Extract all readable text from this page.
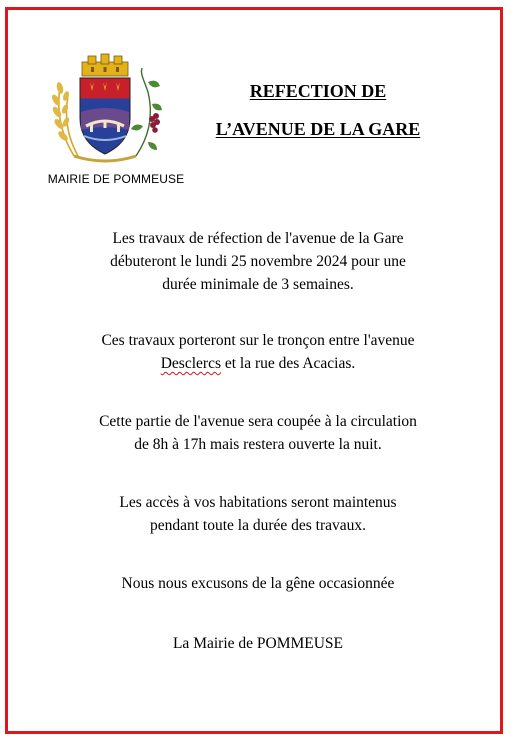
MAIRIE DE POMMEUSE
REFECTION DE
L’AVENUE DE LA GARE
Les travaux de réfection de l'avenue de la Gare
débuteront le lundi 25 novembre 2024 pour une
durée minimale de 3 semaines.
Ces travaux porteront sur le tronçon entre l'avenue
Desclercs et la rue des Acacias.
Cette partie de l'avenue sera coupée à la circulation
de 8h à 17h mais restera ouverte la nuit.
Les accès à vos habitations seront maintenus
pendant toute la durée des travaux.
Nous nous excusons de la gêne occasionnée
La Mairie de POMMEUSE
